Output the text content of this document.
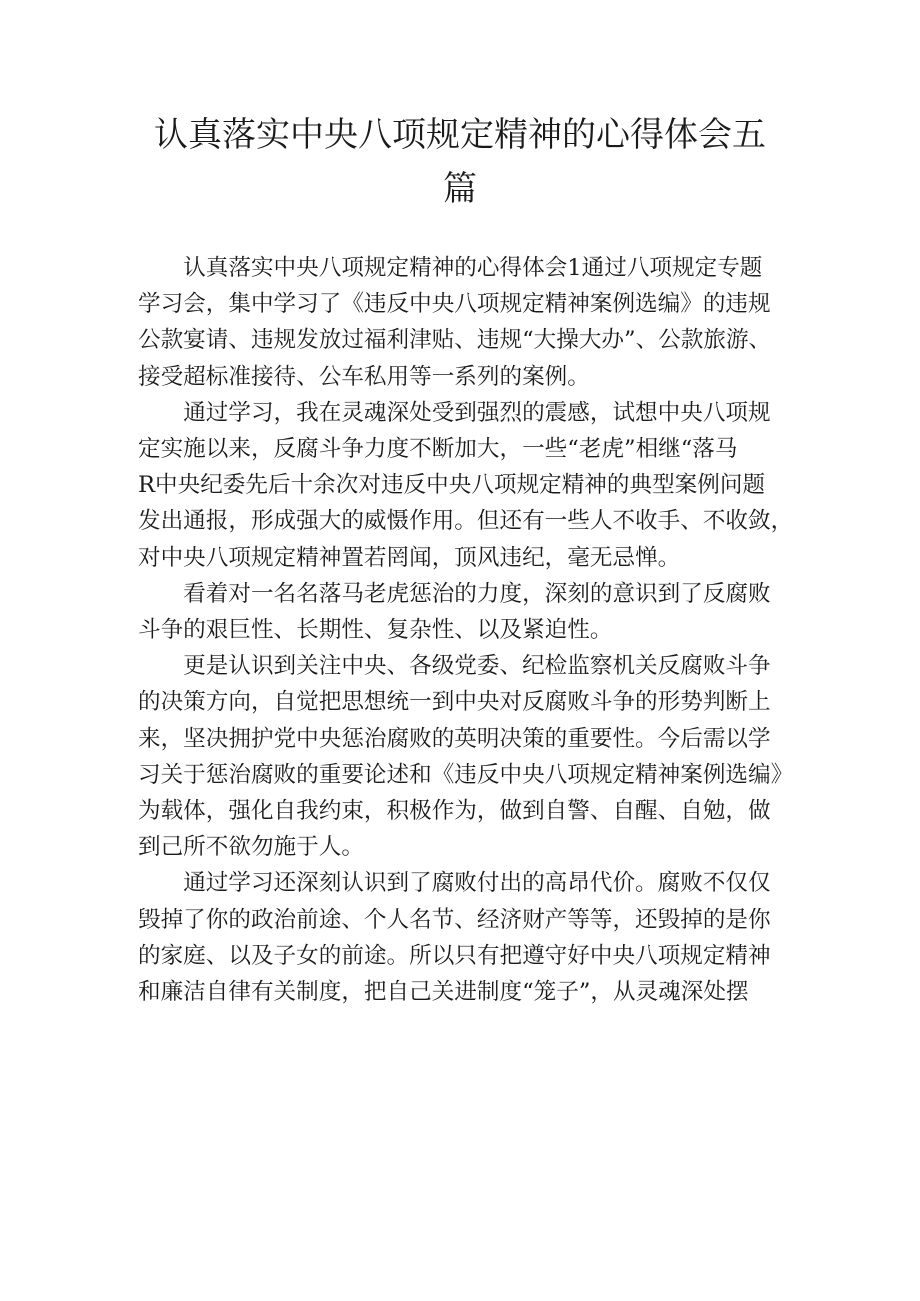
认真落实中央八项规定精神的心得体会五
篇

认真落实中央八项规定精神的心得体会1通过八项规定专题
学习会，集中学习了《违反中央八项规定精神案例选编》的违规
公款宴请、违规发放过福利津贴、违规“大操大办”、公款旅游、
接受超标准接待、公车私用等一系列的案例。

通过学习，我在灵魂深处受到强烈的震感，试想中央八项规
定实施以来，反腐斗争力度不断加大，一些“老虎”相继“落马
R中央纪委先后十余次对违反中央八项规定精神的典型案例问题
发出通报，形成强大的威慑作用。但还有一些人不收手、不收敛，
对中央八项规定精神置若罔闻，顶风违纪，毫无忌惮。

看着对一名名落马老虎惩治的力度，深刻的意识到了反腐败
斗争的艰巨性、长期性、复杂性、以及紧迫性。

更是认识到关注中央、各级党委、纪检监察机关反腐败斗争
的决策方向，自觉把思想统一到中央对反腐败斗争的形势判断上
来，坚决拥护党中央惩治腐败的英明决策的重要性。今后需以学
习关于惩治腐败的重要论述和《违反中央八项规定精神案例选编》
为载体，强化自我约束，积极作为，做到自警、自醒、自勉，做
到己所不欲勿施于人。

通过学习还深刻认识到了腐败付出的高昂代价。腐败不仅仅
毁掉了你的政治前途、个人名节、经济财产等等，还毁掉的是你
的家庭、以及子女的前途。所以只有把遵守好中央八项规定精神
和廉洁自律有关制度，把自己关进制度“笼子”，从灵魂深处摆
